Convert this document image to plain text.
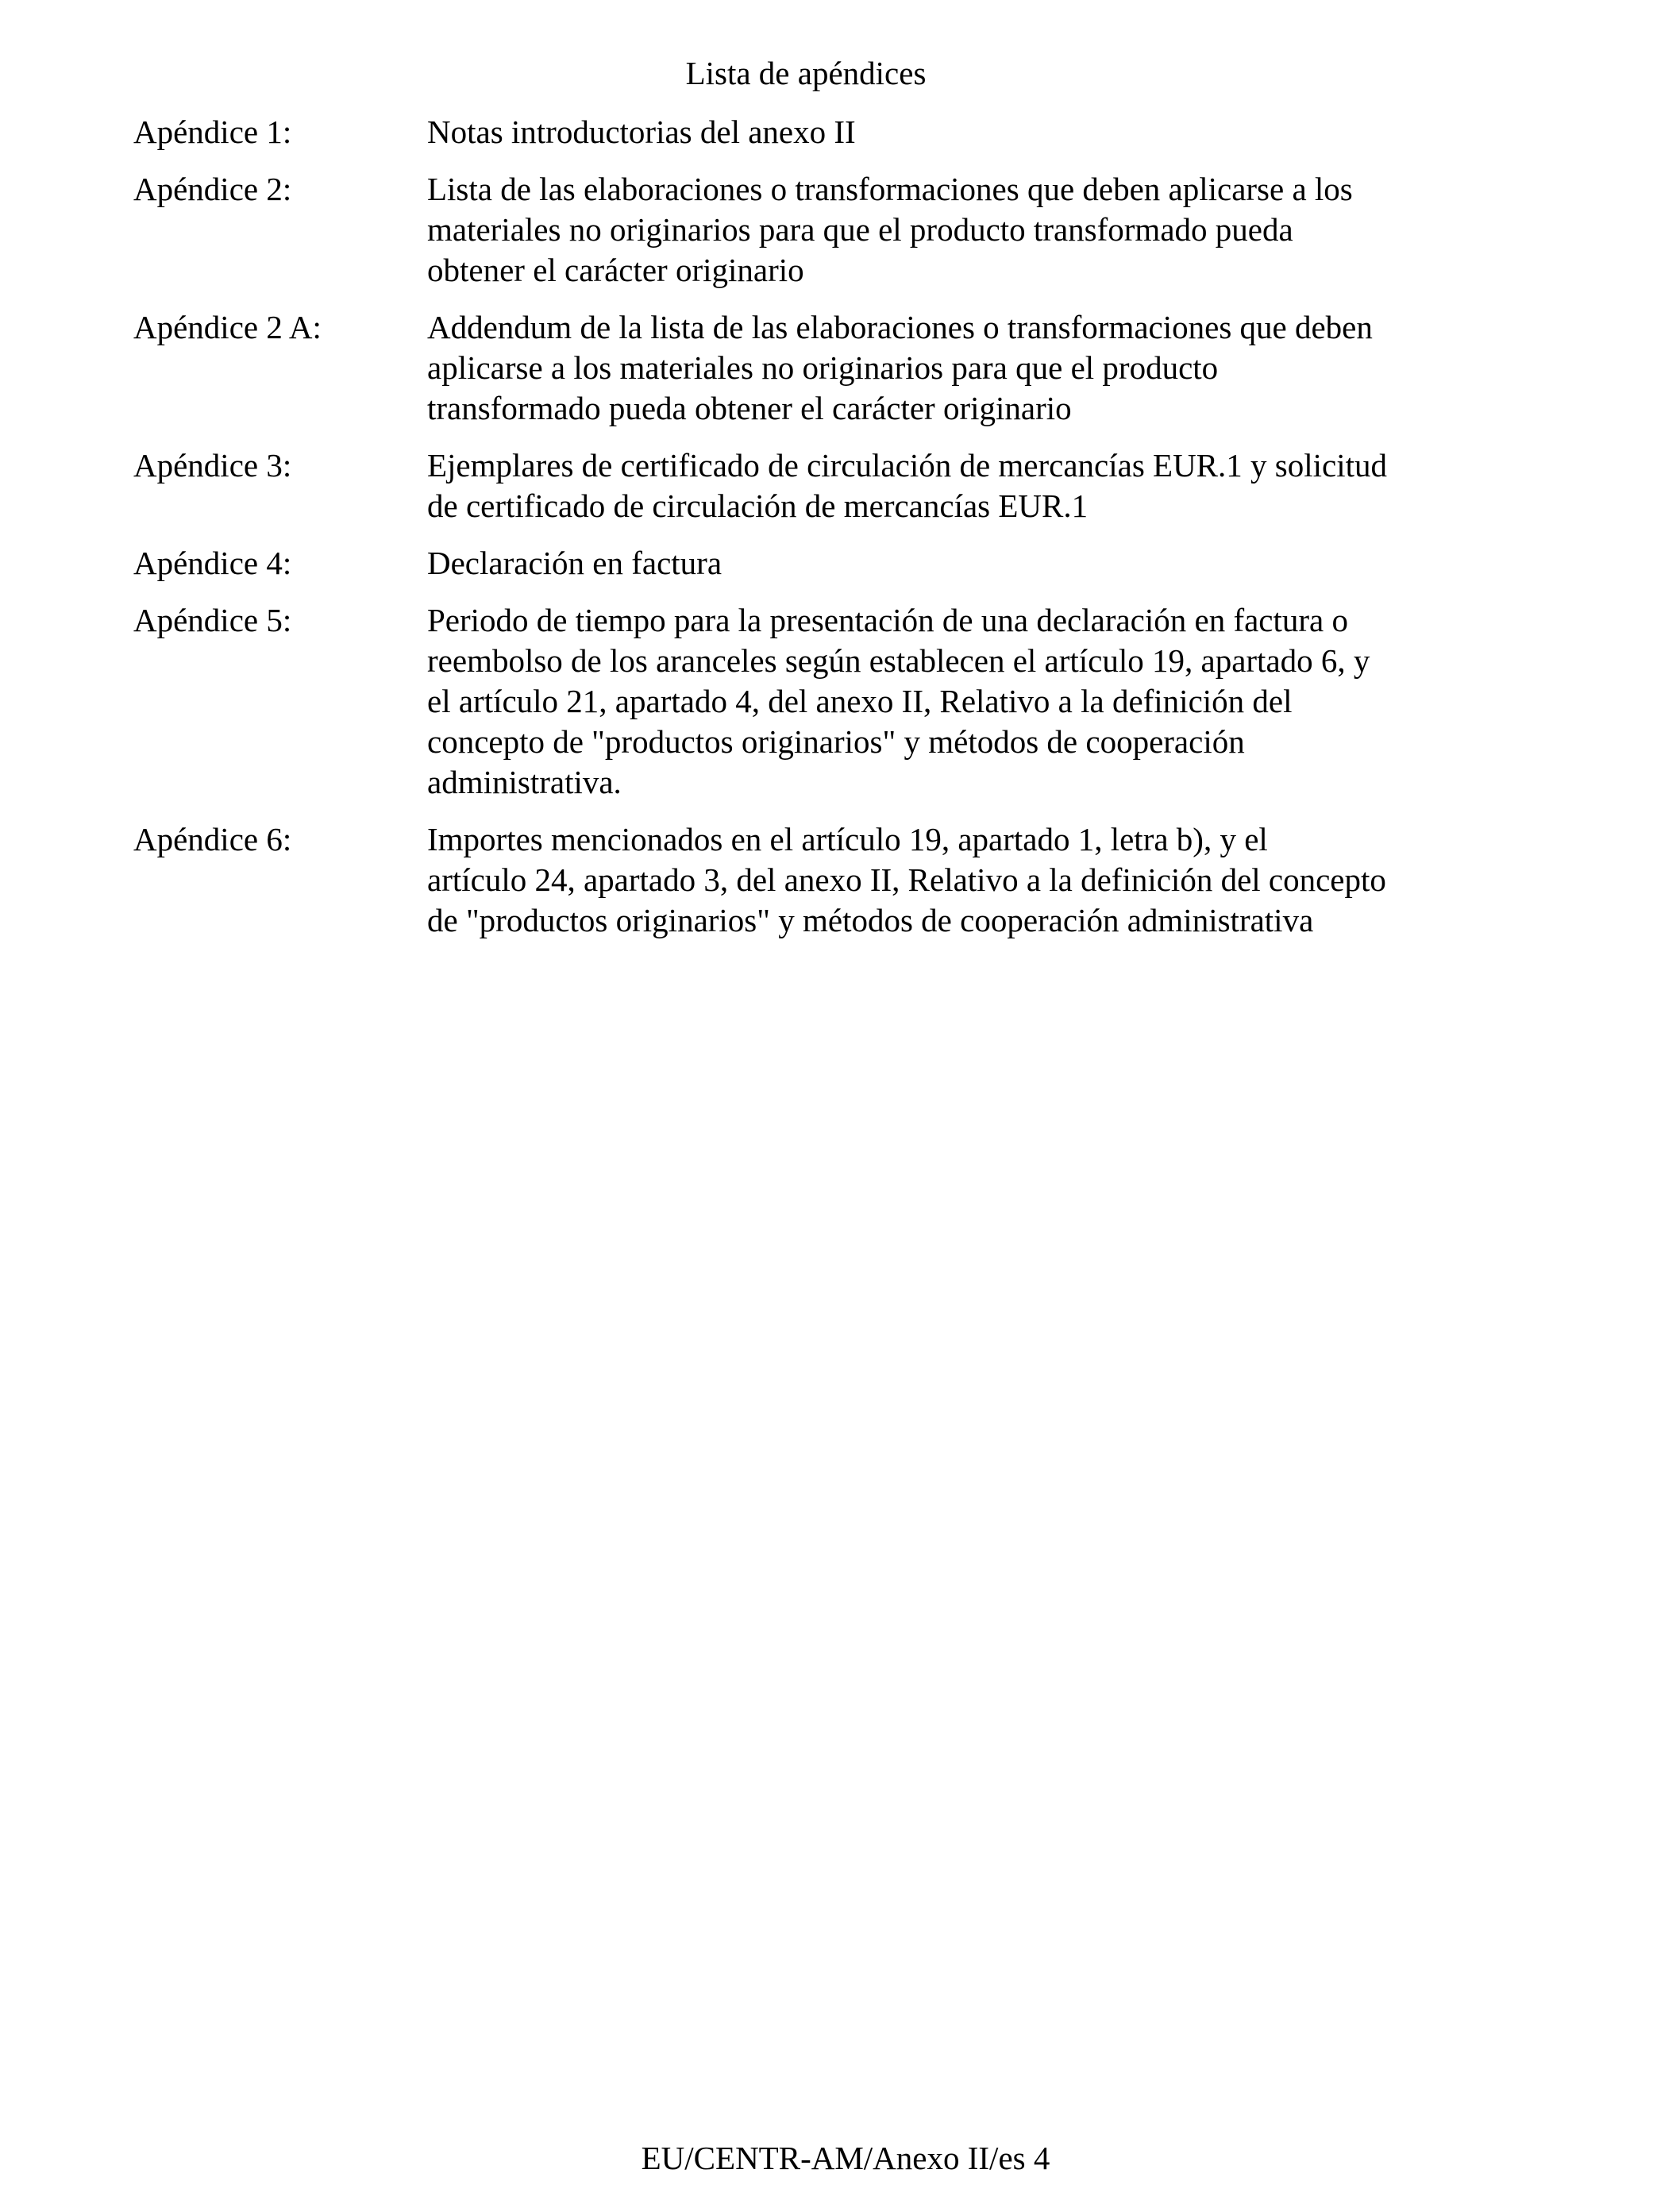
Lista de apéndices
Apéndice 1:	Notas introductorias del anexo II
Apéndice 2:	Lista de las elaboraciones o transformaciones que deben aplicarse a los
materiales no originarios para que el producto transformado pueda
obtener el carácter originario
Apéndice 2 A:	Addendum de la lista de las elaboraciones o transformaciones que deben
aplicarse a los materiales no originarios para que el producto
transformado pueda obtener el carácter originario
Apéndice 3:	Ejemplares de certificado de circulación de mercancías EUR.1 y solicitud
de certificado de circulación de mercancías EUR.1
Apéndice 4:	Declaración en factura
Apéndice 5:	Periodo de tiempo para la presentación de una declaración en factura o
reembolso de los aranceles según establecen el artículo 19, apartado 6, y
el artículo 21, apartado 4, del anexo II, Relativo a la definición del
concepto de "productos originarios" y métodos de cooperación
administrativa.
Apéndice 6:	Importes mencionados en el artículo 19, apartado 1, letra b), y el
artículo 24, apartado 3, del anexo II, Relativo a la definición del concepto
de "productos originarios" y métodos de cooperación administrativa
EU/CENTR-AM/Anexo II/es 4
